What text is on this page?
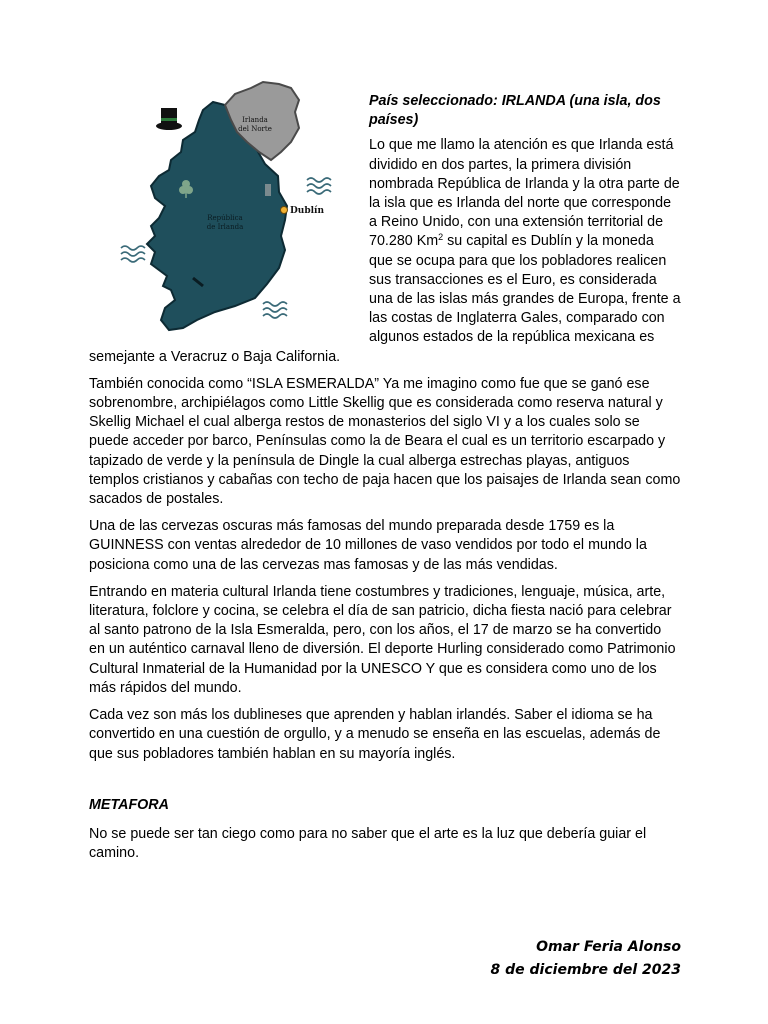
Irlanda
del Norte
República
de Irlanda
Dublín

País seleccionado: IRLANDA (una isla, dos países)

Lo que me llamo la atención es que Irlanda está dividido en dos partes, la primera división nombrada República de Irlanda y la otra parte de la isla que es Irlanda del norte que corresponde a Reino Unido, con una extensión territorial de 70.280 Km$^2$ su capital es Dublín y la moneda que se ocupa para que los pobladores realicen sus transacciones es el Euro, es considerada una de las islas más grandes de Europa, frente a las costas de Inglaterra Gales, comparado con algunos estados de la república mexicana es semejante a Veracruz o Baja California.

También conocida como “ISLA ESMERALDA” Ya me imagino como fue que se ganó ese sobrenombre, archipiélagos como Little Skellig que es considerada como reserva natural y Skellig Michael el cual alberga restos de monasterios del siglo VI y a los cuales solo se puede acceder por barco, Penínsulas como la de Beara el cual es un territorio escarpado y tapizado de verde y la península de Dingle la cual alberga estrechas playas, antiguos templos cristianos y cabañas con techo de paja hacen que los paisajes de Irlanda sean como sacados de postales.

Una de las cervezas oscuras más famosas del mundo preparada desde 1759 es la GUINNESS con ventas alrededor de 10 millones de vaso vendidos por todo el mundo la posiciona como una de las cervezas mas famosas y de las más vendidas.

Entrando en materia cultural Irlanda tiene costumbres y tradiciones, lenguaje, música, arte, literatura, folclore y cocina, se celebra el día de san patricio, dicha fiesta nació para celebrar al santo patrono de la Isla Esmeralda, pero, con los años, el 17 de marzo se ha convertido en un auténtico carnaval lleno de diversión. El deporte Hurling considerado como Patrimonio Cultural Inmaterial de la Humanidad por la UNESCO Y que es considera como uno de los más rápidos del mundo.

Cada vez son más los dublineses que aprenden y hablan irlandés. Saber el idioma se ha convertido en una cuestión de orgullo, y a menudo se enseña en las escuelas, además de que sus pobladores también hablan en su mayoría inglés.

METAFORA

No se puede ser tan ciego como para no saber que el arte es la luz que debería guiar el camino.

Omar Feria Alonso
8 de diciembre del 2023
